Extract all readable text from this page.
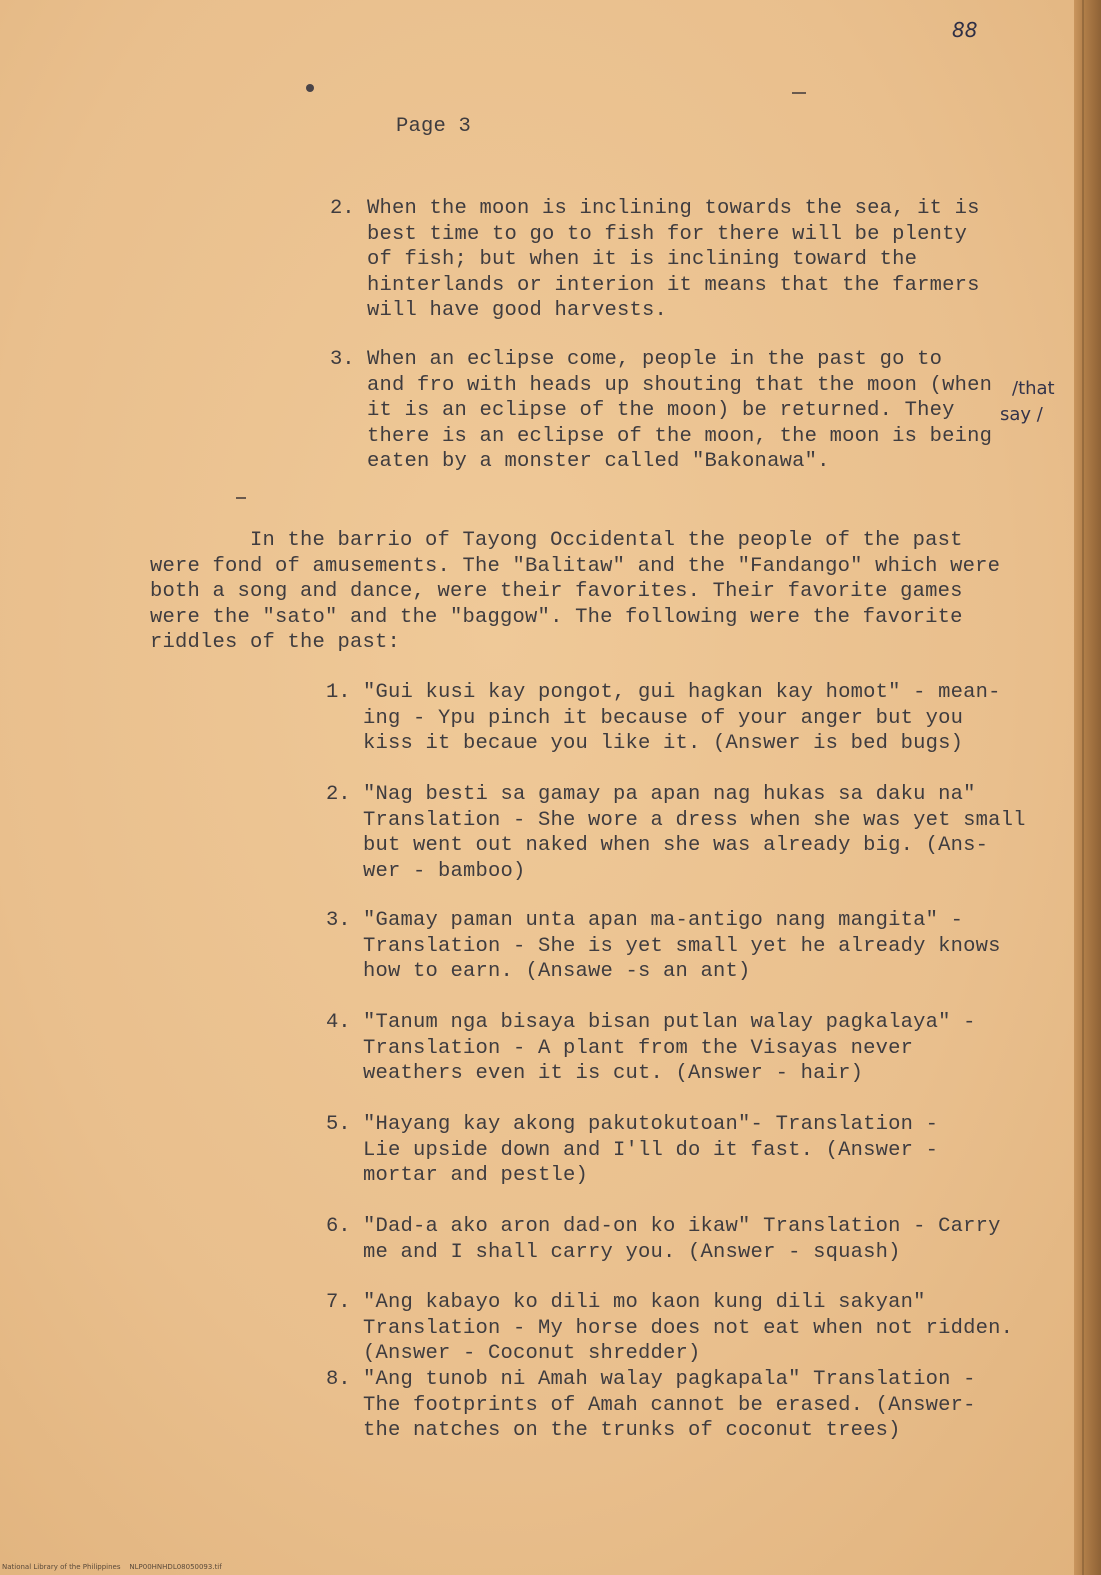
88

Page 3

2. When the moon is inclining towards the sea, it is

best time to go to fish for there will be plenty

of fish; but when it is inclining toward the

hinterlands or interion it means that the farmers

will have good harvests.

3. When an eclipse come, people in the past go to

and fro with heads up shouting that the moon (when

it is an eclipse of the moon) be returned. They

there is an eclipse of the moon, the moon is being

eaten by a monster called "Bakonawa".

/that
say /

In the barrio of Tayong Occidental the people of the past

were fond of amusements. The "Balitaw" and the "Fandango" which were

both a song and dance, were their favorites. Their favorite games

were the "sato" and the "baggow". The following were the favorite

riddles of the past:

1. "Gui kusi kay pongot, gui hagkan kay homot" - mean-

ing - Ypu pinch it because of your anger but you

kiss it becaue you like it. (Answer is bed bugs)

2. "Nag besti sa gamay pa apan nag hukas sa daku na"

Translation - She wore a dress when she was yet small

but went out naked when she was already big. (Ans-

wer - bamboo)

3. "Gamay paman unta apan ma-antigo nang mangita" -

Translation - She is yet small yet he already knows

how to earn. (Ansawe -s an ant)

4. "Tanum nga bisaya bisan putlan walay pagkalaya" -

Translation - A plant from the Visayas never

weathers even it is cut. (Answer - hair)

5. "Hayang kay akong pakutokutoan"- Translation -

Lie upside down and I'll do it fast. (Answer -

mortar and pestle)

6. "Dad-a ako aron dad-on ko ikaw" Translation - Carry

me and I shall carry you. (Answer - squash)

7. "Ang kabayo ko dili mo kaon kung dili sakyan"

Translation - My horse does not eat when not ridden.

(Answer - Coconut shredder)

8. "Ang tunob ni Amah walay pagkapala" Translation -

The footprints of Amah cannot be erased. (Answer-

the natches on the trunks of coconut trees)

National Library of the Philippines    NLP00HNHDL08050093.tif
